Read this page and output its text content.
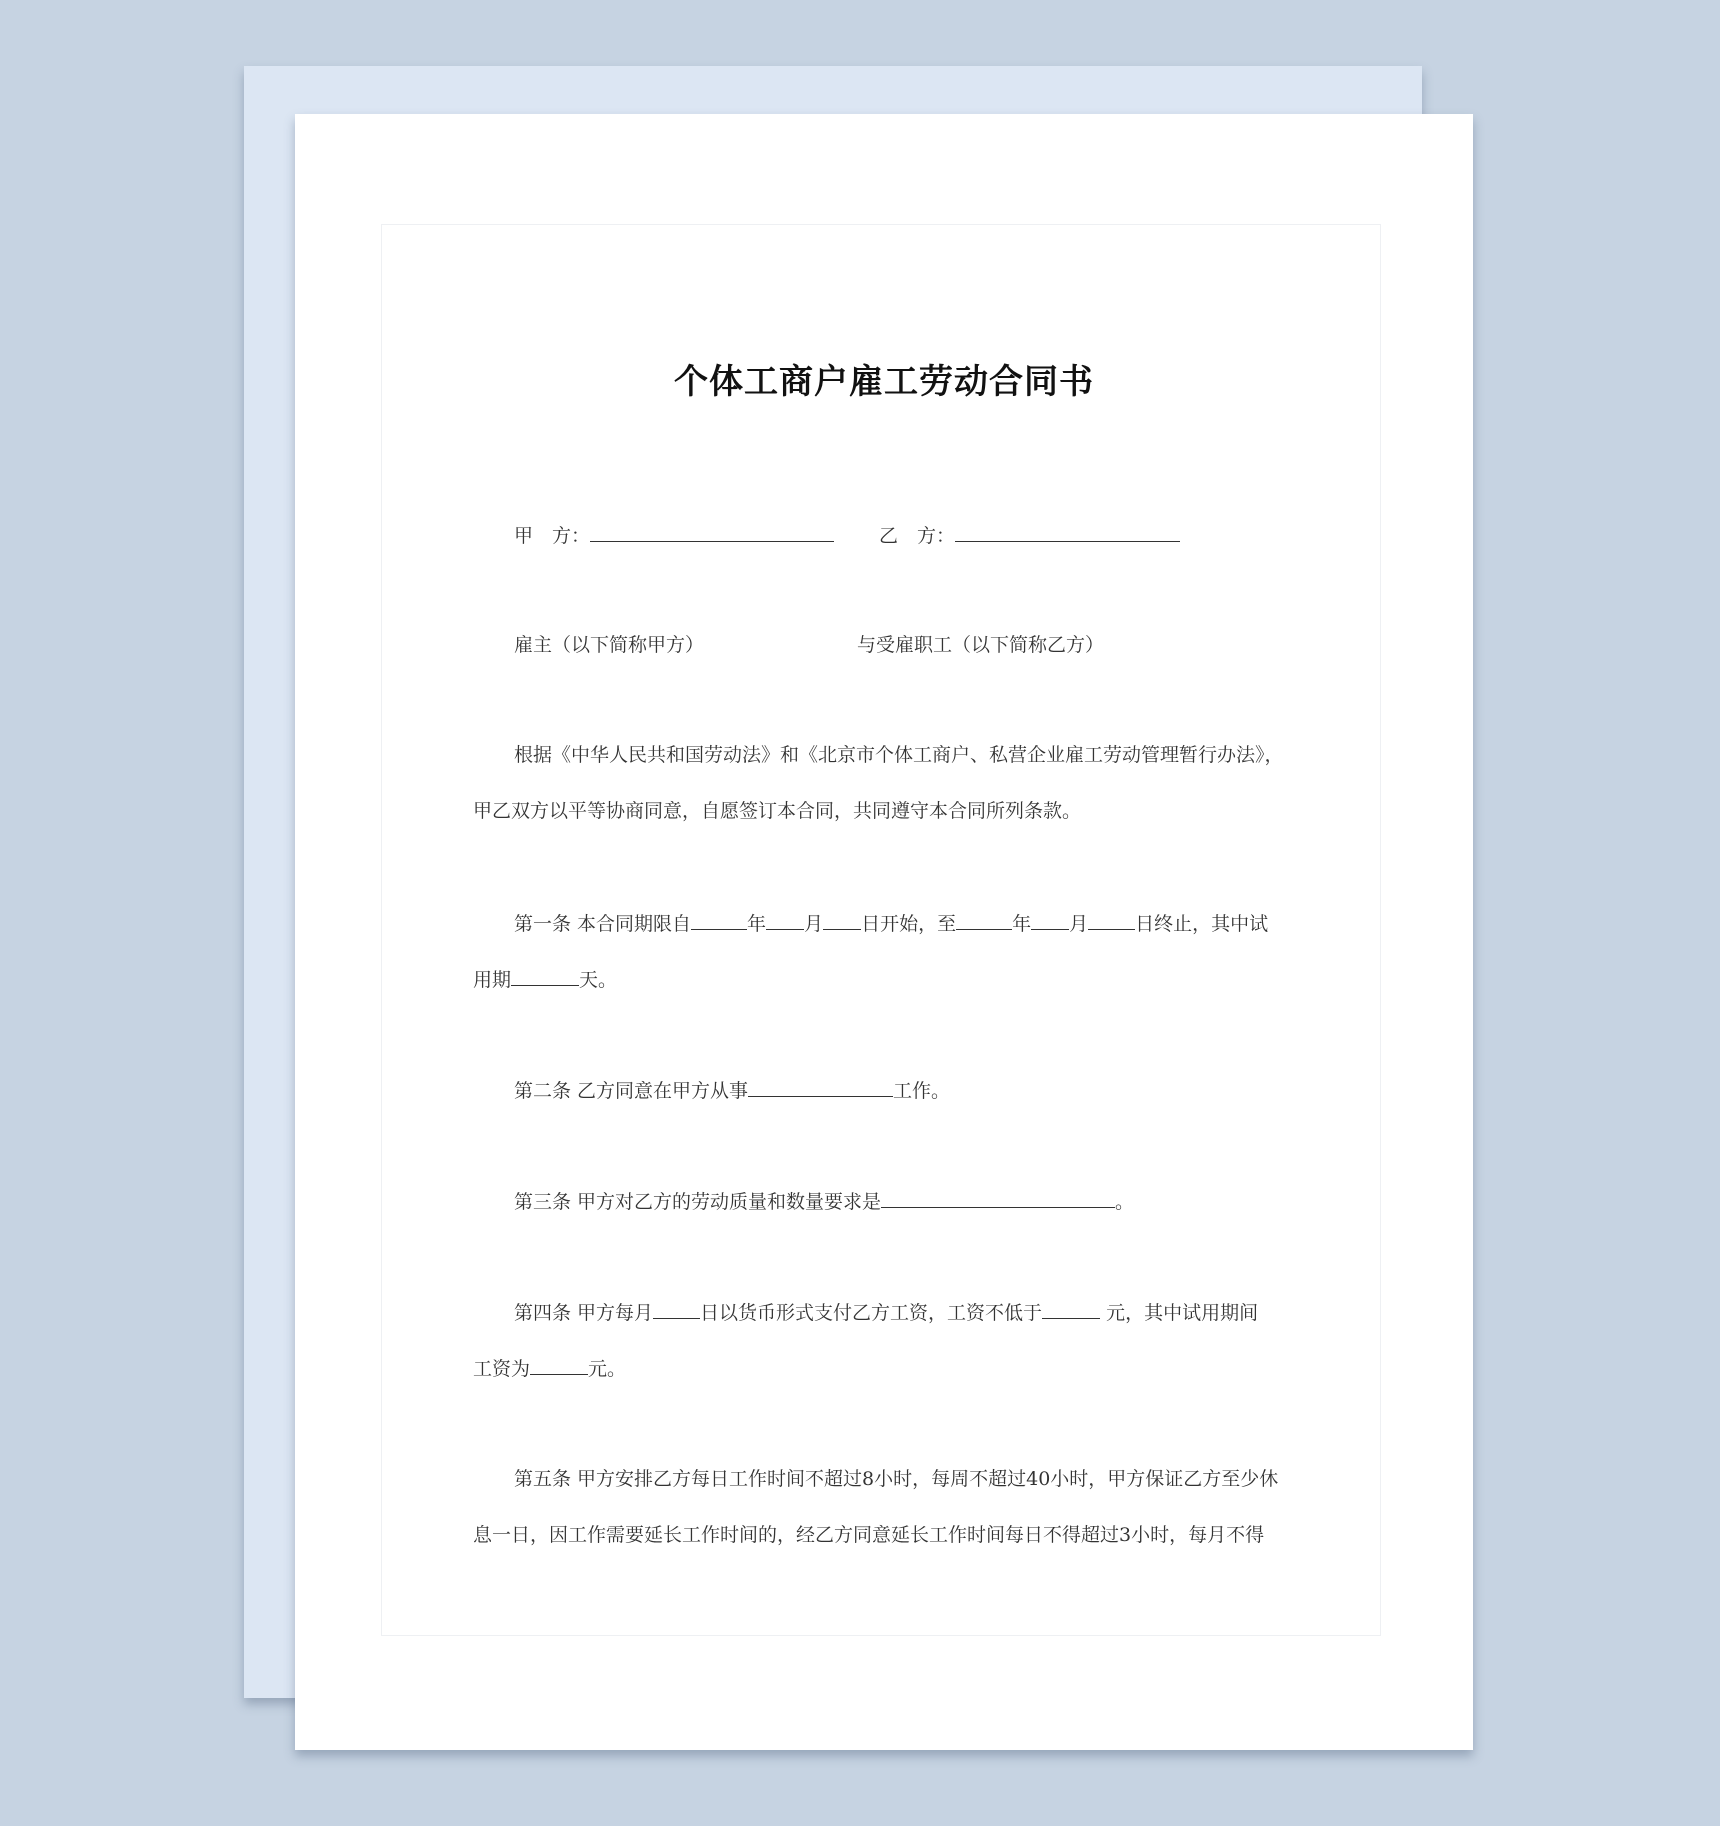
个体工商户雇工劳动合同书
甲　方：	乙　方：
雇主（以下简称甲方）	与受雇职工（以下简称乙方）
根据《中华人民共和国劳动法》和《北京市个体工商户、私营企业雇工劳动管理暂行办法》，
甲乙双方以平等协商同意，自愿签订本合同，共同遵守本合同所列条款。
第一条 本合同期限自	年 月 日开始，至	年 月 日终止，其中试
用期	天。
第二条 乙方同意在甲方从事	工作。
第三条 甲方对乙方的劳动质量和数量要求是	。
第四条 甲方每月 日以货币形式支付乙方工资，工资不低于	元，其中试用期间
工资为	元。
第五条 甲方安排乙方每日工作时间不超过8小时，每周不超过40小时，甲方保证乙方至少休
息一日，因工作需要延长工作时间的，经乙方同意延长工作时间每日不得超过3小时，每月不得
